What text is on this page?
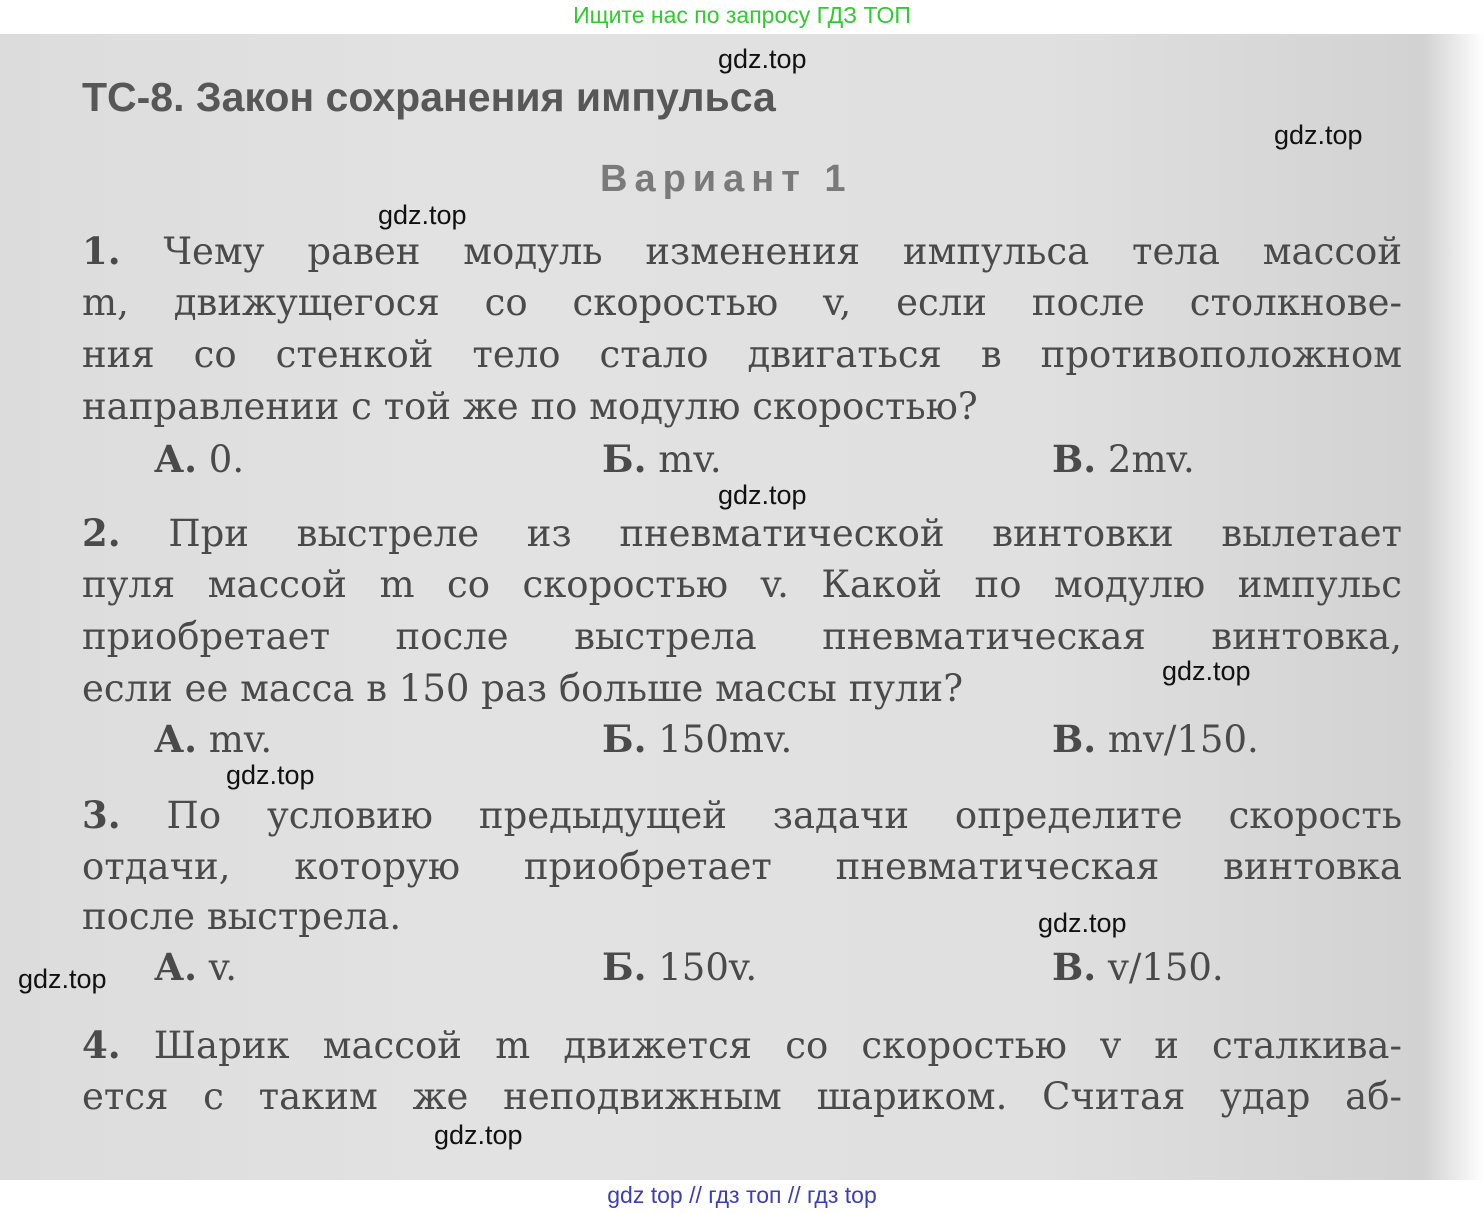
Ищите нас по запросу ГДЗ ТОП
ТС-8. Закон сохранения импульса
Вариант 1

1. Чему равен модуль изменения импульса тела массой

m, движущегося со скоростью v, если после столкнове-

ния со стенкой тело стало двигаться в противоположном

направлении с той же по модулю скоростью?

А. 0.	Б. mv.	В. 2mv.

2. При выстреле из пневматической винтовки вылетает

пуля массой m со скоростью v. Какой по модулю импульс

приобретает после выстрела пневматическая винтовка,

если ее масса в 150 раз больше массы пули?

А. mv.	Б. 150mv.	В. mv/150.

3. По условию предыдущей задачи определите скорость

отдачи, которую приобретает пневматическая винтовка

после выстрела.

А. v.	Б. 150v.	В. v/150.

4. Шарик массой m движется со скоростью v и сталкива-

ется с таким же неподвижным шариком. Считая удар аб-

gdz.top
gdz.top
gdz.top
gdz.top
gdz.top
gdz.top
gdz.top
gdz.top
gdz.top
gdz top // гдз топ // гдз top
